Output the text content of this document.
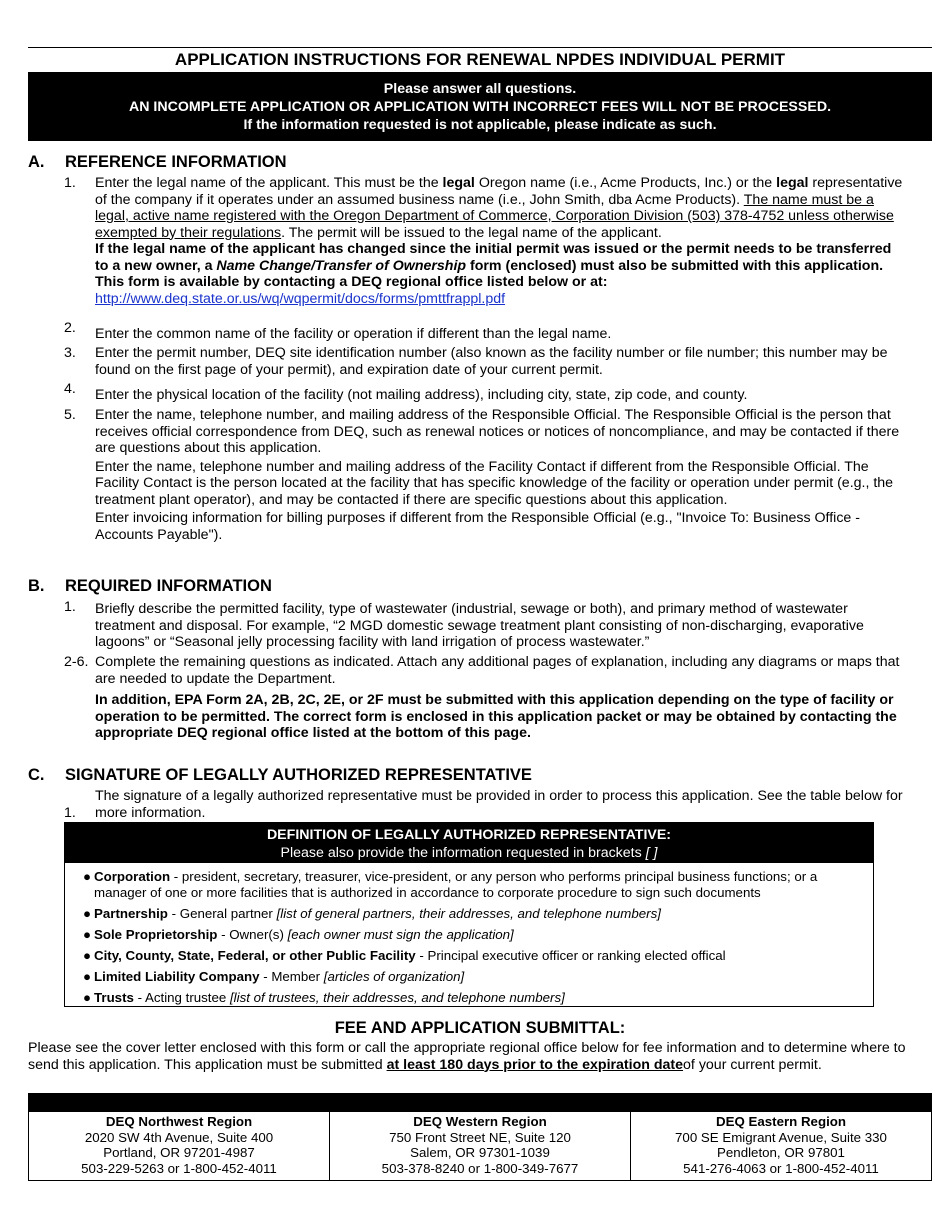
APPLICATION INSTRUCTIONS FOR RENEWAL NPDES INDIVIDUAL PERMIT
Please answer all questions.
AN INCOMPLETE APPLICATION OR APPLICATION WITH INCORRECT FEES WILL NOT BE PROCESSED.
If the information requested is not applicable, please indicate as such.
A. REFERENCE INFORMATION
1.	Enter the legal name of the applicant. This must be the legal Oregon name (i.e., Acme Products, Inc.) or the legal representative of the company if it operates under an assumed business name (i.e., John Smith, dba Acme Products). The name must be a legal, active name registered with the Oregon Department of Commerce, Corporation Division (503) 378-4752 unless otherwise exempted by their regulations. The permit will be issued to the legal name of the applicant.
If the legal name of the applicant has changed since the initial permit was issued or the permit needs to be transferred to a new owner, a Name Change/Transfer of Ownership form (enclosed) must also be submitted with this application. This form is available by contacting a DEQ regional office listed below or at:
http://www.deq.state.or.us/wq/wqpermit/docs/forms/pmttfrappl.pdf
2.	Enter the common name of the facility or operation if different than the legal name.
3.	Enter the permit number, DEQ site identification number (also known as the facility number or file number; this number may be found on the first page of your permit), and expiration date of your current permit.
4.	Enter the physical location of the facility (not mailing address), including city, state, zip code, and county.
5.	Enter the name, telephone number, and mailing address of the Responsible Official. The Responsible Official is the person that receives official correspondence from DEQ, such as renewal notices or notices of noncompliance, and may be contacted if there are questions about this application.
Enter the name, telephone number and mailing address of the Facility Contact if different from the Responsible Official. The Facility Contact is the person located at the facility that has specific knowledge of the facility or operation under permit (e.g., the treatment plant operator), and may be contacted if there are specific questions about this application.
Enter invoicing information for billing purposes if different from the Responsible Official (e.g., "Invoice To: Business Office -Accounts Payable").
B. REQUIRED INFORMATION
1.	Briefly describe the permitted facility, type of wastewater (industrial, sewage or both), and primary method of wastewater treatment and disposal. For example, “2 MGD domestic sewage treatment plant consisting of non-discharging, evaporative lagoons” or “Seasonal jelly processing facility with land irrigation of process wastewater.”
2-6. Complete the remaining questions as indicated. Attach any additional pages of explanation, including any diagrams or maps that are needed to update the Department.
In addition, EPA Form 2A, 2B, 2C, 2E, or 2F must be submitted with this application depending on the type of facility or operation to be permitted. The correct form is enclosed in this application packet or may be obtained by contacting the appropriate DEQ regional office listed at the bottom of this page.
C. SIGNATURE OF LEGALLY AUTHORIZED REPRESENTATIVE
1.
The signature of a legally authorized representative must be provided in order to process this application. See the table below for more information.
DEFINITION OF LEGALLY AUTHORIZED REPRESENTATIVE:
Please also provide the information requested in brackets [ ]
● Corporation - president, secretary, treasurer, vice-president, or any person who performs principal business functions; or a manager of one or more facilities that is authorized in accordance to corporate procedure to sign such documents
● Partnership - General partner [list of general partners, their addresses, and telephone numbers]
● Sole Proprietorship - Owner(s) [each owner must sign the application]
● City, County, State, Federal, or other Public Facility - Principal executive officer or ranking elected offical
● Limited Liability Company - Member [articles of organization]
● Trusts - Acting trustee [list of trustees, their addresses, and telephone numbers]
FEE AND APPLICATION SUBMITTAL:
Please see the cover letter enclosed with this form or call the appropriate regional office below for fee information and to determine where to send this application. This application must be submitted at least 180 days prior to the expiration dateof your current permit.
DEQ Northwest Region
2020 SW 4th Avenue, Suite 400
Portland, OR 97201-4987
503-229-5263 or 1-800-452-4011
DEQ Western Region
750 Front Street NE, Suite 120
Salem, OR 97301-1039
503-378-8240 or 1-800-349-7677
DEQ Eastern Region
700 SE Emigrant Avenue, Suite 330
Pendleton, OR 97801
541-276-4063 or 1-800-452-4011
